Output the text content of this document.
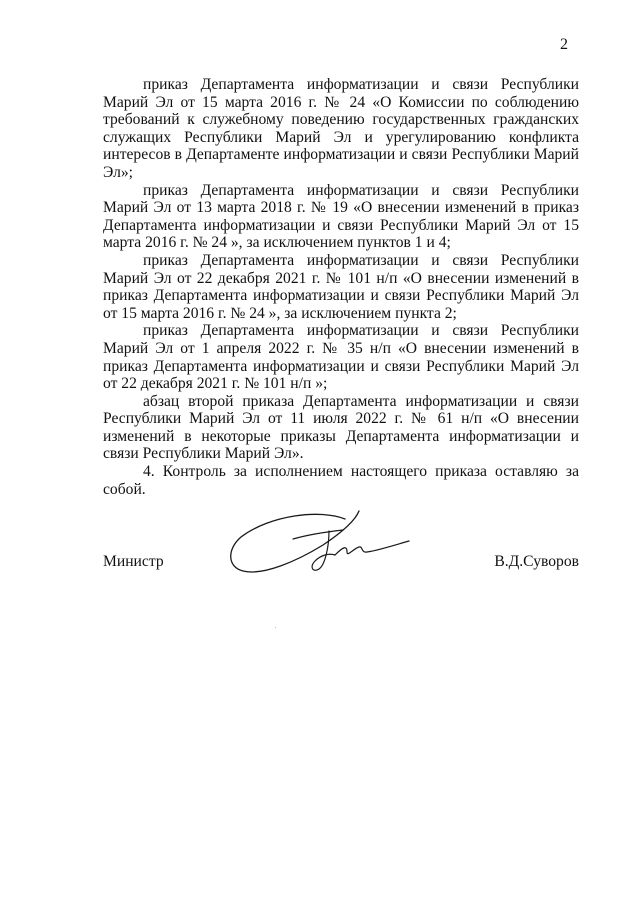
2

приказ Департамента информатизации и связи Республики Марий Эл от 15 марта 2016 г. № 24 «О Комиссии по соблюдению требований к служебному поведению государственных гражданских служащих Республики Марий Эл и урегулированию конфликта интересов в Департаменте информатизации и связи Республики Марий Эл»;

приказ Департамента информатизации и связи Республики Марий Эл от 13 марта 2018 г. № 19 «О внесении изменений в приказ Департамента информатизации и связи Республики Марий Эл от 15 марта 2016 г. № 24 », за исключением пунктов 1 и 4;

приказ Департамента информатизации и связи Республики Марий Эл от 22 декабря 2021 г. № 101 н/п «О внесении изменений в приказ Департамента информатизации и связи Республики Марий Эл от 15 марта 2016 г. № 24 », за исключением пункта 2;

приказ Департамента информатизации и связи Республики Марий Эл от 1 апреля 2022 г. № 35 н/п «О внесении изменений в приказ Департамента информатизации и связи Республики Марий Эл от 22 декабря 2021 г. № 101 н/п »;

абзац второй приказа Департамента информатизации и связи Республики Марий Эл от 11 июля 2022 г. № 61 н/п «О внесении изменений в некоторые приказы Департамента информатизации и связи Республики Марий Эл».

4. Контроль за исполнением настоящего приказа оставляю за собой.

Министр	В.Д.Суворов
